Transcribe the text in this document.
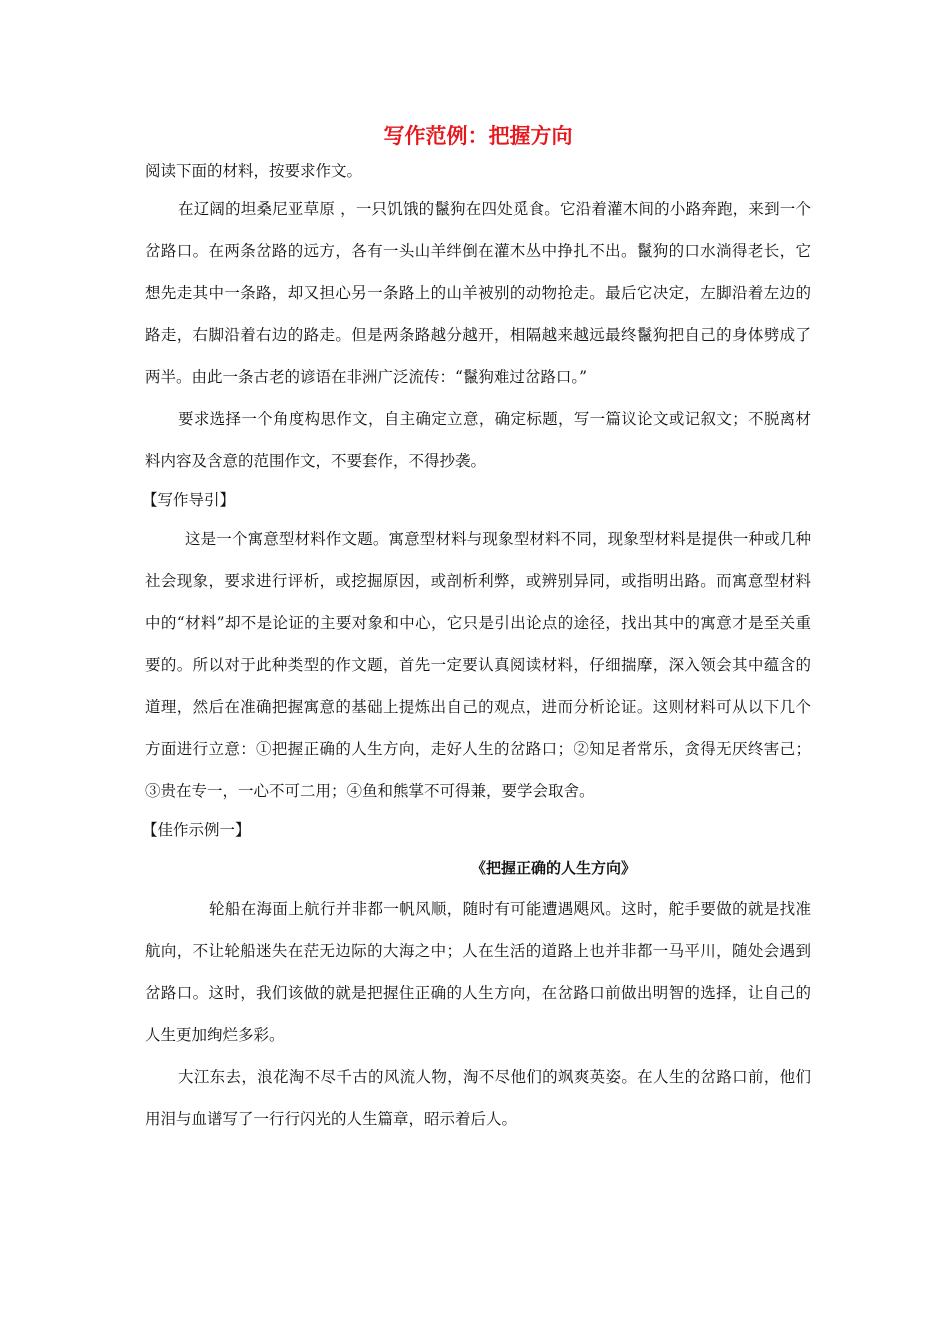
写作范例：把握方向

阅读下面的材料，按要求作文。

在辽阔的坦桑尼亚草原 ，一只饥饿的鬣狗在四处觅食。它沿着灌木间的小路奔跑，来到一个岔路口。在两条岔路的远方，各有一头山羊绊倒在灌木丛中挣扎不出。鬣狗的口水淌得老长，它想先走其中一条路，却又担心另一条路上的山羊被别的动物抢走。最后它决定，左脚沿着左边的路走，右脚沿着右边的路走。但是两条路越分越开，相隔越来越远最终鬣狗把自己的身体劈成了两半。由此一条古老的谚语在非洲广泛流传：“鬣狗难过岔路口。”

要求选择一个角度构思作文，自主确定立意，确定标题，写一篇议论文或记叙文；不脱离材料内容及含意的范围作文，不要套作，不得抄袭。

【写作导引】

这是一个寓意型材料作文题。寓意型材料与现象型材料不同，现象型材料是提供一种或几种社会现象，要求进行评析，或挖掘原因，或剖析利弊，或辨别异同，或指明出路。而寓意型材料中的“材料”却不是论证的主要对象和中心，它只是引出论点的途径，找出其中的寓意才是至关重要的。所以对于此种类型的作文题，首先一定要认真阅读材料，仔细揣摩，深入领会其中蕴含的道理，然后在准确把握寓意的基础上提炼出自己的观点，进而分析论证。这则材料可从以下几个方面进行立意：①把握正确的人生方向，走好人生的岔路口；②知足者常乐，贪得无厌终害己；③贵在专一，一心不可二用；④鱼和熊掌不可得兼，要学会取舍。

【佳作示例一】

《把握正确的人生方向》

轮船在海面上航行并非都一帆风顺，随时有可能遭遇飓风。这时，舵手要做的就是找准航向，不让轮船迷失在茫无边际的大海之中；人在生活的道路上也并非都一马平川，随处会遇到岔路口。这时，我们该做的就是把握住正确的人生方向，在岔路口前做出明智的选择，让自己的人生更加绚烂多彩。

大江东去，浪花淘不尽千古的风流人物，淘不尽他们的飒爽英姿。在人生的岔路口前，他们用泪与血谱写了一行行闪光的人生篇章，昭示着后人。
